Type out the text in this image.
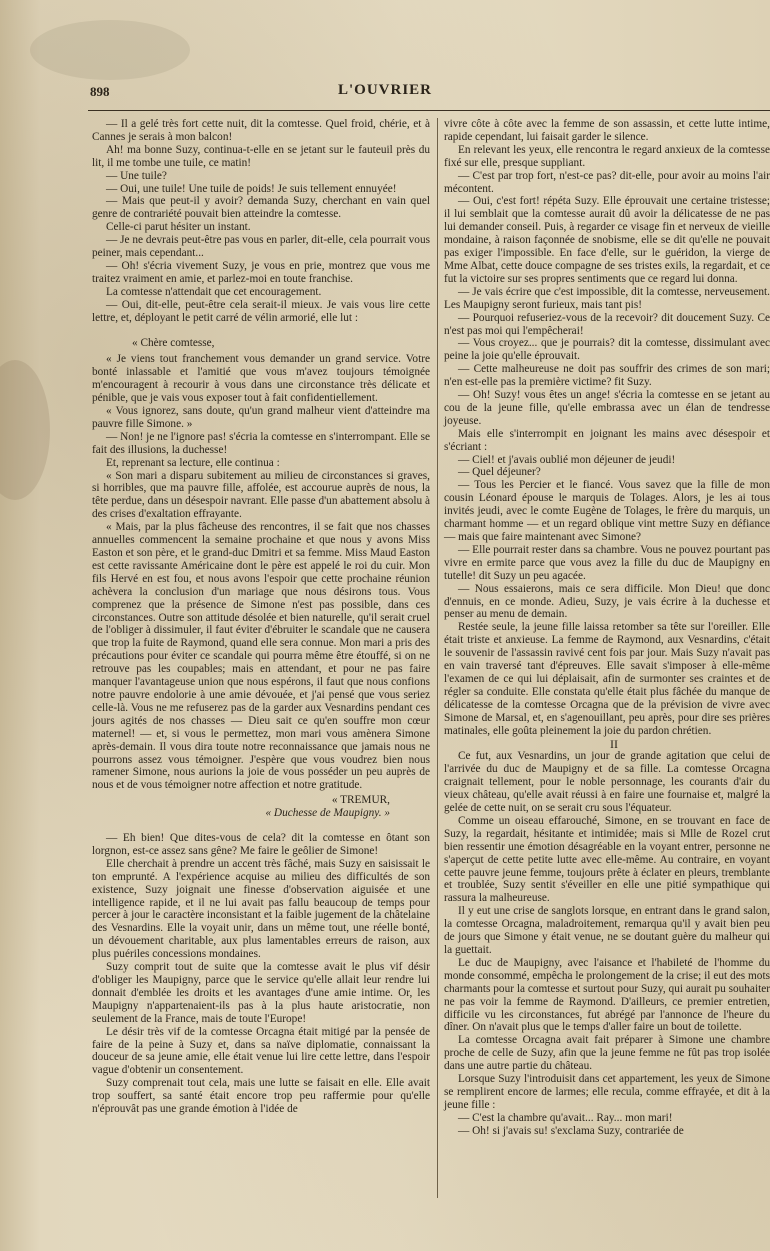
898	L'OUVRIER

— Il a gelé très fort cette nuit, dit la comtesse. Quel froid, chérie, et à Cannes je serais à mon balcon!

Ah! ma bonne Suzy, continua-t-elle en se jetant sur le fauteuil près du lit, il me tombe une tuile, ce matin!

— Une tuile?

— Oui, une tuile! Une tuile de poids! Je suis tellement ennuyée!

— Mais que peut-il y avoir? demanda Suzy, cherchant en vain quel genre de contrariété pouvait bien atteindre la comtesse.

Celle-ci parut hésiter un instant.

— Je ne devrais peut-être pas vous en parler, dit-elle, cela pourrait vous peiner, mais cependant...

— Oh! s'écria vivement Suzy, je vous en prie, montrez que vous me traitez vraiment en amie, et parlez-moi en toute franchise.

La comtesse n'attendait que cet encouragement.

— Oui, dit-elle, peut-être cela serait-il mieux. Je vais vous lire cette lettre, et, déployant le petit carré de vélin armorié, elle lut :

« Chère comtesse,

« Je viens tout franchement vous demander un grand service. Votre bonté inlassable et l'amitié que vous m'avez toujours témoignée m'encouragent à recourir à vous dans une circonstance très délicate et pénible, que je vais vous exposer tout à fait confidentiellement.

« Vous ignorez, sans doute, qu'un grand malheur vient d'atteindre ma pauvre fille Simone. »

— Non! je ne l'ignore pas! s'écria la comtesse en s'interrompant. Elle se fait des illusions, la duchesse!

Et, reprenant sa lecture, elle continua :

« Son mari a disparu subitement au milieu de circonstances si graves, si horribles, que ma pauvre fille, affolée, est accourue auprès de nous, la tête perdue, dans un désespoir navrant. Elle passe d'un abattement absolu à des crises d'exaltation effrayante.

« Mais, par la plus fâcheuse des rencontres, il se fait que nos chasses annuelles commencent la semaine prochaine et que nous y avons Miss Easton et son père, et le grand-duc Dmitri et sa femme. Miss Maud Easton est cette ravissante Américaine dont le père est appelé le roi du cuir. Mon fils Hervé en est fou, et nous avons l'espoir que cette prochaine réunion achèvera la conclusion d'un mariage que nous désirons tous. Vous comprenez que la présence de Simone n'est pas possible, dans ces circonstances. Outre son attitude désolée et bien naturelle, qu'il serait cruel de l'obliger à dissimuler, il faut éviter d'ébruiter le scandale que ne causera que trop la fuite de Raymond, quand elle sera connue. Mon mari a pris des précautions pour éviter ce scandale qui pourra même être étouffé, si on ne retrouve pas les coupables; mais en attendant, et pour ne pas faire manquer l'avantageuse union que nous espérons, il faut que nous confions notre pauvre endolorie à une amie dévouée, et j'ai pensé que vous seriez celle-là. Vous ne me refuserez pas de la garder aux Vesnardins pendant ces jours agités de nos chasses — Dieu sait ce qu'en souffre mon cœur maternel! — et, si vous le permettez, mon mari vous amènera Simone après-demain. Il vous dira toute notre reconnaissance que jamais nous ne pourrons assez vous témoigner. J'espère que vous voudrez bien nous ramener Simone, nous aurions la joie de vous posséder un peu auprès de nous et de vous témoigner notre affection et notre gratitude.

« TREMUR,

« Duchesse de Maupigny. »

— Eh bien! Que dites-vous de cela? dit la comtesse en ôtant son lorgnon, est-ce assez sans gêne? Me faire le geôlier de Simone!

Elle cherchait à prendre un accent très fâché, mais Suzy en saisissait le ton emprunté. A l'expérience acquise au milieu des difficultés de son existence, Suzy joignait une finesse d'observation aiguisée et une intelligence rapide, et il ne lui avait pas fallu beaucoup de temps pour percer à jour le caractère inconsistant et la faible jugement de la châtelaine des Vesnardins. Elle la voyait unir, dans un même tout, une réelle bonté, un dévouement charitable, aux plus lamentables erreurs de raison, aux plus puériles concessions mondaines.

Suzy comprit tout de suite que la comtesse avait le plus vif désir d'obliger les Maupigny, parce que le service qu'elle allait leur rendre lui donnait d'emblée les droits et les avantages d'une amie intime. Or, les Maupigny n'appartenaient-ils pas à la plus haute aristocratie, non seulement de la France, mais de toute l'Europe!

Le désir très vif de la comtesse Orcagna était mitigé par la pensée de faire de la peine à Suzy et, dans sa naïve diplomatie, connaissant la douceur de sa jeune amie, elle était venue lui lire cette lettre, dans l'espoir vague d'obtenir un consentement.

Suzy comprenait tout cela, mais une lutte se faisait en elle. Elle avait trop souffert, sa santé était encore trop peu raffermie pour qu'elle n'éprouvât pas une grande émotion à l'idée de

vivre côte à côte avec la femme de son assassin, et cette lutte intime, rapide cependant, lui faisait garder le silence.

En relevant les yeux, elle rencontra le regard anxieux de la comtesse fixé sur elle, presque suppliant.

— C'est par trop fort, n'est-ce pas? dit-elle, pour avoir au moins l'air mécontent.

— Oui, c'est fort! répéta Suzy. Elle éprouvait une certaine tristesse; il lui semblait que la comtesse aurait dû avoir la délicatesse de ne pas lui demander conseil. Puis, à regarder ce visage fin et nerveux de vieille mondaine, à raison façonnée de snobisme, elle se dit qu'elle ne pouvait pas exiger l'impossible. En face d'elle, sur le guéridon, la vierge de Mme Albat, cette douce compagne de ses tristes exils, la regardait, et ce fut la victoire sur ses propres sentiments que ce regard lui donna.

— Je vais écrire que c'est impossible, dit la comtesse, nerveusement. Les Maupigny seront furieux, mais tant pis!

— Pourquoi refuseriez-vous de la recevoir? dit doucement Suzy. Ce n'est pas moi qui l'empêcherai!

— Vous croyez... que je pourrais? dit la comtesse, dissimulant avec peine la joie qu'elle éprouvait.

— Cette malheureuse ne doit pas souffrir des crimes de son mari; n'en est-elle pas la première victime? fit Suzy.

— Oh! Suzy! vous êtes un ange! s'écria la comtesse en se jetant au cou de la jeune fille, qu'elle embrassa avec un élan de tendresse joyeuse.

Mais elle s'interrompit en joignant les mains avec désespoir et s'écriant :

— Ciel! et j'avais oublié mon déjeuner de jeudi!

— Quel déjeuner?

— Tous les Percier et le fiancé. Vous savez que la fille de mon cousin Léonard épouse le marquis de Tolages. Alors, je les ai tous invités jeudi, avec le comte Eugène de Tolages, le frère du marquis, un charmant homme — et un regard oblique vint mettre Suzy en défiance — mais que faire maintenant avec Simone?

— Elle pourrait rester dans sa chambre. Vous ne pouvez pourtant pas vivre en ermite parce que vous avez la fille du duc de Maupigny en tutelle! dit Suzy un peu agacée.

— Nous essaierons, mais ce sera difficile. Mon Dieu! que donc d'ennuis, en ce monde. Adieu, Suzy, je vais écrire à la duchesse et penser au menu de demain.

Restée seule, la jeune fille laissa retomber sa tête sur l'oreiller. Elle était triste et anxieuse. La femme de Raymond, aux Vesnardins, c'était le souvenir de l'assassin ravivé cent fois par jour. Mais Suzy n'avait pas en vain traversé tant d'épreuves. Elle savait s'imposer à elle-même l'examen de ce qui lui déplaisait, afin de surmonter ses craintes et de régler sa conduite. Elle constata qu'elle était plus fâchée du manque de délicatesse de la comtesse Orcagna que de la prévision de vivre avec Simone de Marsal, et, en s'agenouillant, peu après, pour dire ses prières matinales, elle goûta pleinement la joie du pardon chrétien.

II

Ce fut, aux Vesnardins, un jour de grande agitation que celui de l'arrivée du duc de Maupigny et de sa fille. La comtesse Orcagna craignait tellement, pour le noble personnage, les courants d'air du vieux château, qu'elle avait réussi à en faire une fournaise et, malgré la gelée de cette nuit, on se serait cru sous l'équateur.

Comme un oiseau effarouché, Simone, en se trouvant en face de Suzy, la regardait, hésitante et intimidée; mais si Mlle de Rozel crut bien ressentir une émotion désagréable en la voyant entrer, personne ne s'aperçut de cette petite lutte avec elle-même. Au contraire, en voyant cette pauvre jeune femme, toujours prête à éclater en pleurs, tremblante et troublée, Suzy sentit s'éveiller en elle une pitié sympathique qui rassura la malheureuse.

Il y eut une crise de sanglots lorsque, en entrant dans le grand salon, la comtesse Orcagna, maladroitement, remarqua qu'il y avait bien peu de jours que Simone y était venue, ne se doutant guère du malheur qui la guettait.

Le duc de Maupigny, avec l'aisance et l'habileté de l'homme du monde consommé, empêcha le prolongement de la crise; il eut des mots charmants pour la comtesse et surtout pour Suzy, qui aurait pu souhaiter ne pas voir la femme de Raymond. D'ailleurs, ce premier entretien, difficile vu les circonstances, fut abrégé par l'annonce de l'heure du dîner. On n'avait plus que le temps d'aller faire un bout de toilette.

La comtesse Orcagna avait fait préparer à Simone une chambre proche de celle de Suzy, afin que la jeune femme ne fût pas trop isolée dans une autre partie du château.

Lorsque Suzy l'introduisit dans cet appartement, les yeux de Simone se remplirent encore de larmes; elle recula, comme effrayée, et dit à la jeune fille :

— C'est la chambre qu'avait... Ray... mon mari!

— Oh! si j'avais su! s'exclama Suzy, contrariée de
